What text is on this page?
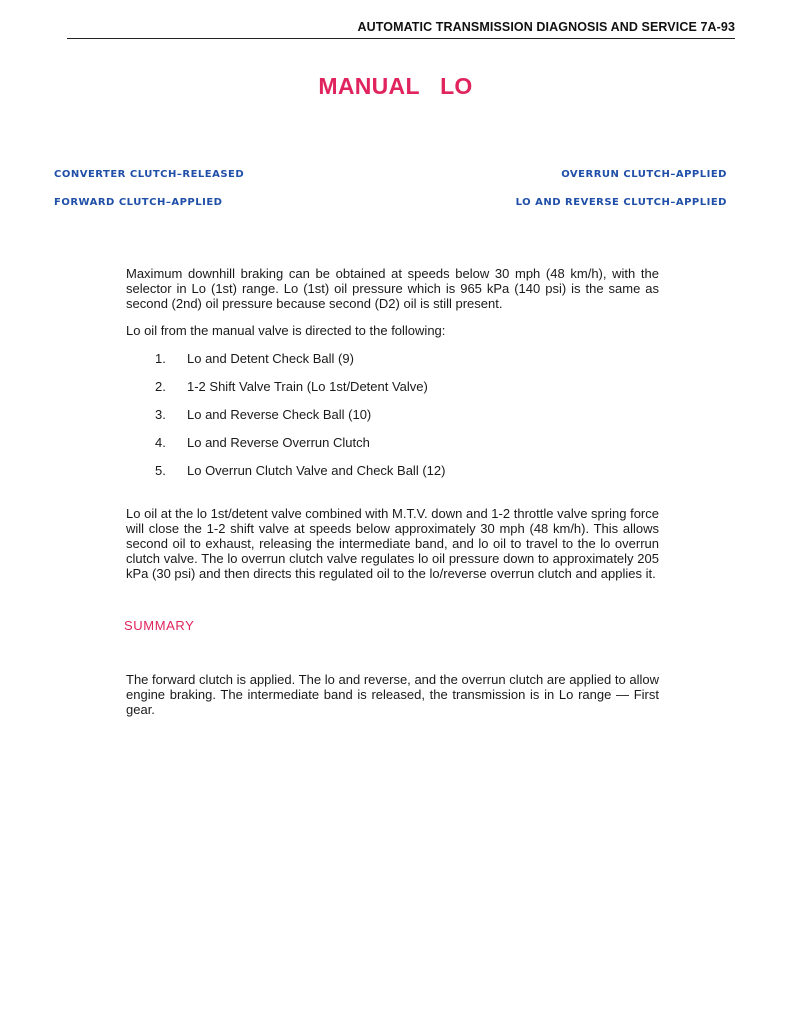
AUTOMATIC TRANSMISSION DIAGNOSIS AND SERVICE 7A-93
MANUAL LO
CONVERTER CLUTCH–RELEASED	OVERRUN CLUTCH–APPLIED
FORWARD CLUTCH–APPLIED	LO AND REVERSE CLUTCH–APPLIED

Maximum downhill braking can be obtained at speeds below 30 mph (48 km/h), with the selector in Lo (1st) range. Lo (1st) oil pressure which is 965 kPa (140 psi) is the same as second (2nd) oil pressure because second (D2) oil is still present.

Lo oil from the manual valve is directed to the following:

1. Lo and Detent Check Ball (9)
2. 1-2 Shift Valve Train (Lo 1st/Detent Valve)
3. Lo and Reverse Check Ball (10)
4. Lo and Reverse Overrun Clutch
5. Lo Overrun Clutch Valve and Check Ball (12)

Lo oil at the lo 1st/detent valve combined with M.T.V. down and 1-2 throttle valve spring force will close the 1-2 shift valve at speeds below approximately 30 mph (48 km/h). This allows second oil to exhaust, releasing the intermediate band, and lo oil to travel to the lo overrun clutch valve. The lo overrun clutch valve regulates lo oil pressure down to approximately 205 kPa (30 psi) and then directs this regulated oil to the lo/reverse overrun clutch and applies it.

SUMMARY

The forward clutch is applied. The lo and reverse, and the overrun clutch are applied to allow engine braking. The intermediate band is released, the transmission is in Lo range — First gear.
